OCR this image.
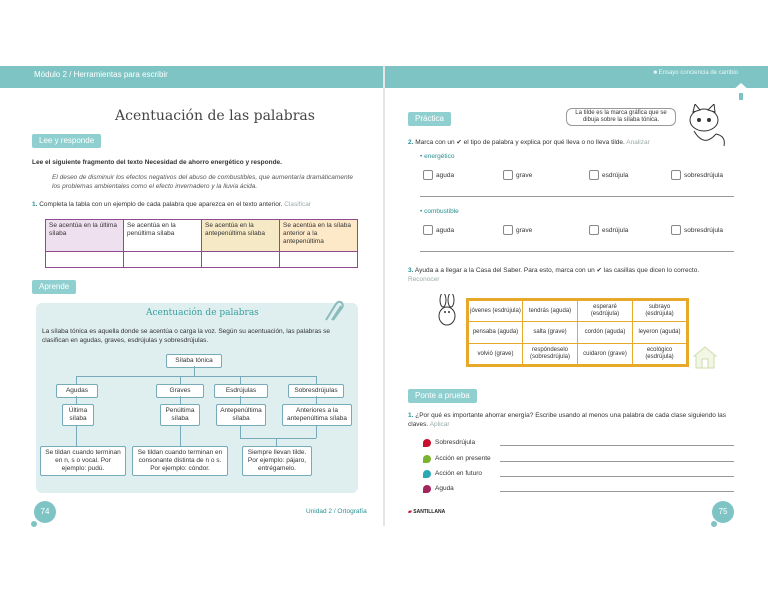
Módulo 2 / Herramientas para escribir	■ Ensayo conciencia de cambio
Acentuación de las palabras
Lee y responde
Lee el siguiente fragmento del texto Necesidad de ahorro energético y responde.
El deseo de disminuir los efectos negativos del abuso de combustibles, que aumentaría dramáticamente los problemas ambientales como el efecto invernadero y la lluvia ácida.
1. Completa la tabla con un ejemplo de cada palabra que aparezca en el texto anterior. Clasificar
Se acentúa en la última sílaba	Se acentúa en la penúltima sílaba	Se acentúa en la antepenúltima sílaba	Se acentúa en la sílaba anterior a la antepenúltima

Aprende
Acentuación de palabras
La sílaba tónica es aquella donde se acentúa o carga la voz. Según su acentuación, las palabras se clasifican en agudas, graves, esdrújulas y sobresdrújulas.
Sílaba tónica
Agudas	Graves	Esdrújulas	Sobresdrújulas
Última sílaba
Penúltima sílaba
Antepenúltima sílaba
Anteriores a la antepenúltima sílaba
Se tildan cuando terminan en n, s o vocal. Por ejemplo: pudú.
Se tildan cuando terminan en consonante distinta de n o s. Por ejemplo: cóndor.
Siempre llevan tilde. Por ejemplo: pájaro, entrégamelo.
74	Unidad 2 / Ortografía
Práctica
La tilde es la marca gráfica que se dibuja sobre la sílaba tónica.
2. Marca con un ✔ el tipo de palabra y explica por qué lleva o no lleva tilde. Analizar
• energético
aguda	grave	esdrújula	sobresdrújula
• combustible
aguda	grave	esdrújula	sobresdrújula
3. Ayuda a a llegar a la Casa del Saber. Para esto, marca con un ✔ las casillas que dicen lo correcto. Reconocer
jóvenes (esdrújula)	tendrás (aguda)	esperaré (esdrújula)	subrayo (esdrújula)
pensaba (aguda)	salta (grave)	cordón (aguda)	leyeron (aguda)
volvió (grave)	respóndeselo (sobresdrújula)	cuidaron (grave)	ecológico (esdrújula)
Ponte a prueba
1. ¿Por qué es importante ahorrar energía? Escribe usando al menos una palabra de cada clase siguiendo las claves. Aplicar
Sobresdrújula
Acción en presente
Acción en futuro
Aguda
▰ SANTILLANA	75
